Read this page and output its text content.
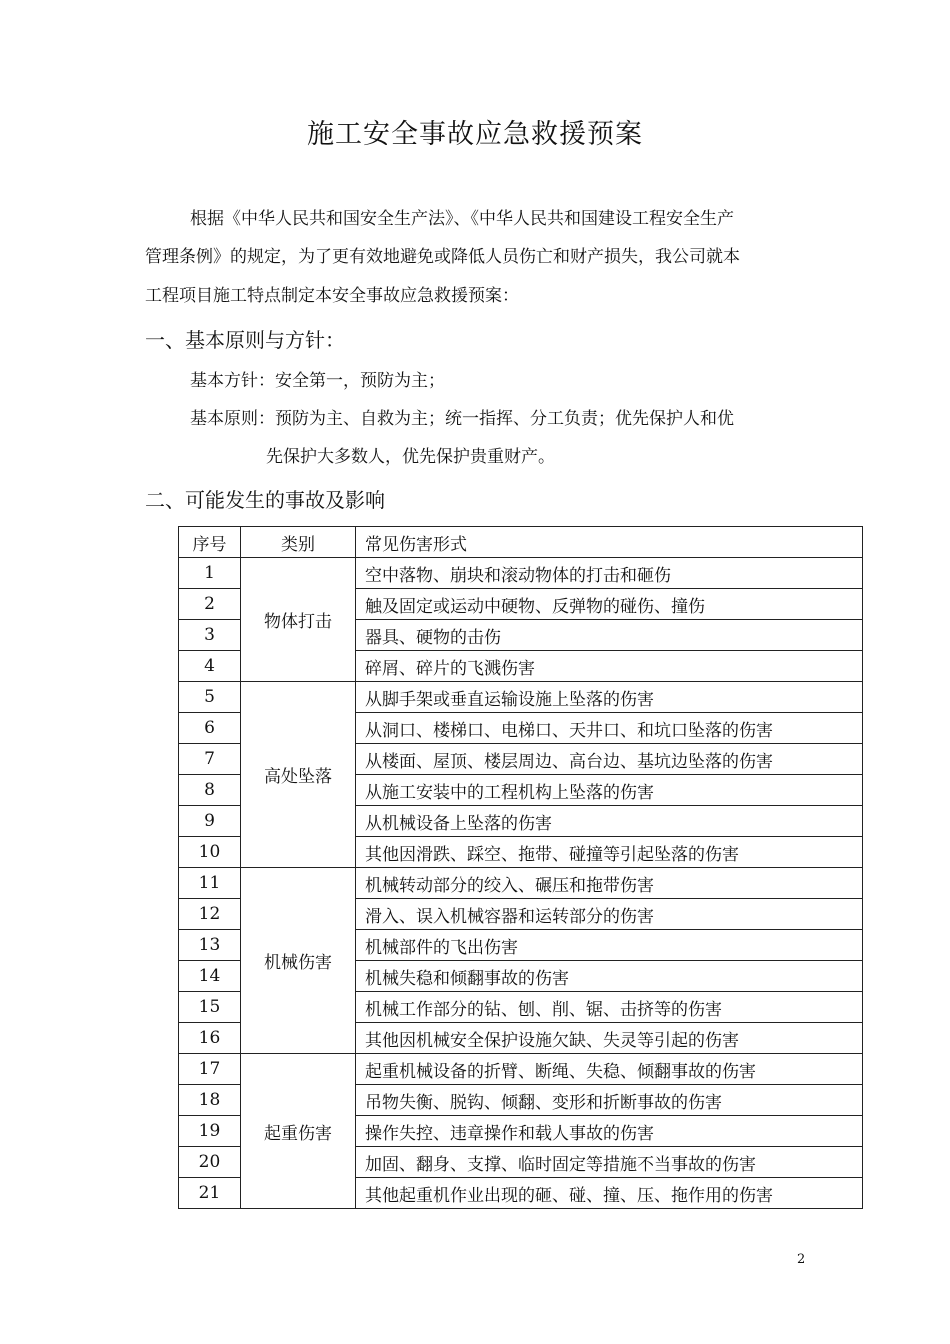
施工安全事故应急救援预案
根据《中华人民共和国安全生产法》、《中华人民共和国建设工程安全生产
管理条例》的规定，为了更有效地避免或降低人员伤亡和财产损失，我公司就本
工程项目施工特点制定本安全事故应急救援预案：
一、基本原则与方针：
基本方针：安全第一，预防为主；
基本原则：预防为主、自救为主；统一指挥、分工负责；优先保护人和优
先保护大多数人，优先保护贵重财产。
二、可能发生的事故及影响
序号	类别	常见伤害形式
1	物体打击	空中落物、崩块和滚动物体的打击和砸伤
2		触及固定或运动中硬物、反弹物的碰伤、撞伤
3		器具、硬物的击伤
4		碎屑、碎片的飞溅伤害
5	高处坠落	从脚手架或垂直运输设施上坠落的伤害
6		从洞口、楼梯口、电梯口、天井口、和坑口坠落的伤害
7		从楼面、屋顶、楼层周边、高台边、基坑边坠落的伤害
8		从施工安装中的工程机构上坠落的伤害
9		从机械设备上坠落的伤害
10		其他因滑跌、踩空、拖带、碰撞等引起坠落的伤害
11	机械伤害	机械转动部分的绞入、碾压和拖带伤害
12		滑入、误入机械容器和运转部分的伤害
13		机械部件的飞出伤害
14		机械失稳和倾翻事故的伤害
15		机械工作部分的钻、刨、削、锯、击挤等的伤害
16		其他因机械安全保护设施欠缺、失灵等引起的伤害
17	起重伤害	起重机械设备的折臂、断绳、失稳、倾翻事故的伤害
18		吊物失衡、脱钩、倾翻、变形和折断事故的伤害
19		操作失控、违章操作和载人事故的伤害
20		加固、翻身、支撑、临时固定等措施不当事故的伤害
21		其他起重机作业出现的砸、碰、撞、压、拖作用的伤害
2
